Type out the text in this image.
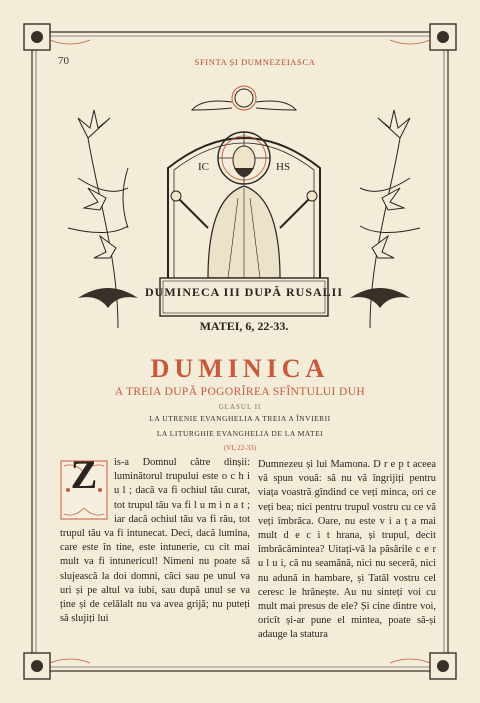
70	SFINTA ȘI DUMNEZEIASCA
IC	HS
DUMINECA III DUPĂ RUSALII
MATEI, 6, 22-33.
DUMINICA
A TREIA DUPĂ POGORÎREA SFÎNTULUI DUH
GLASUL II
LA UTRENIE EVANGHELIA A TREIA A ÎNVIERII
LA LITURGHIE EVANGHELIA DE LA MATEI
(VI, 22-33)
Z	is-a Domnul către dinșii: luminătorul trupului este o c h i u l ; dacă va fi ochiul tău curat, tot trupul tău va fi l u m i n a t ; iar dacă ochiul tău va fi rău, tot trupul tău va fi intunecat. Deci, dacă lumina, care este în tine, este intunerie, cu cit mai mult va fi intunericul! Nimeni nu poate să slujească la doi domni, căci sau pe unul va uri și pe altul va iubi, sau după unul se va ține și de celălalt nu va avea grijă; nu puteți să slujiți lui

Dumnezeu și lui Mamona. D r e p t aceea vă spun vouă: să nu vă îngrijiți pentru viața voastră gîndind ce veți minca, ori ce veți bea; nici pentru trupul vostru cu ce vă veți îmbrăca. Oare, nu este v i a ț a mai mult d e c i t hrana, și trupul, decit îmbrăcămintea? Uitați-vă la păsările c e r u l u i, că nu seamănă, nici nu seceră, nici nu adună in hambare, și Tatăl vostru cel ceresc le hrănește. Au nu sinteți voi cu mult mai presus de ele? Și cine dintre voi, oricît și-ar pune el mintea, poate să-și adauge la statura
